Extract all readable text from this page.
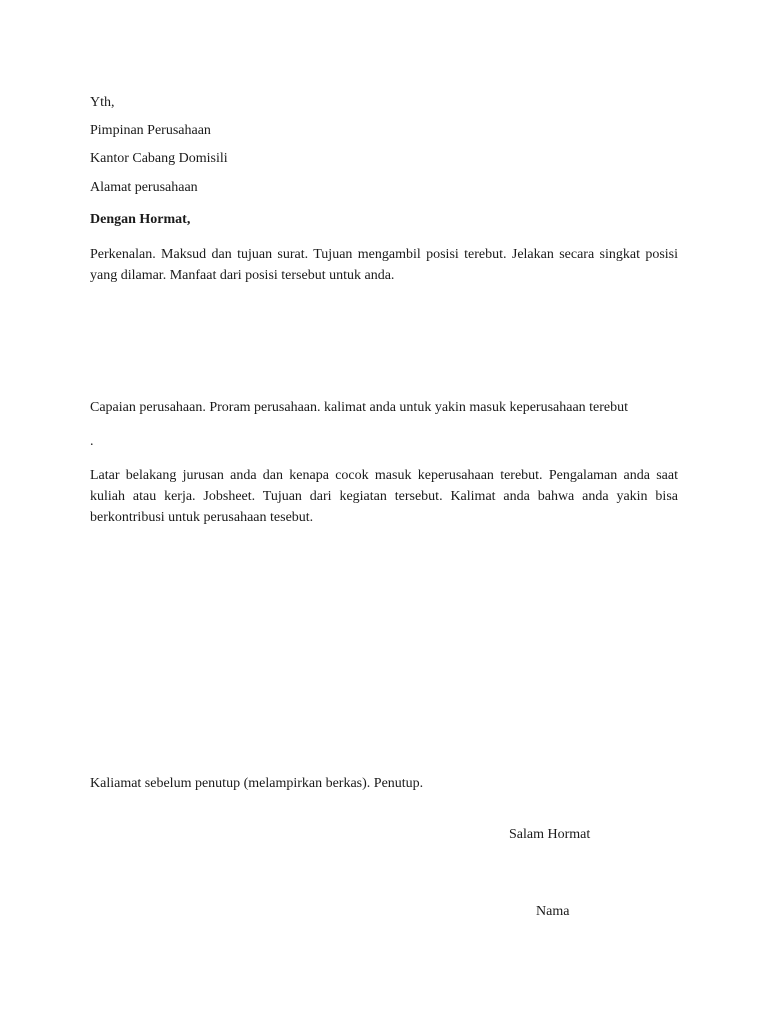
Yth,
Pimpinan Perusahaan
Kantor Cabang Domisili
Alamat perusahaan
Dengan Hormat,
Perkenalan. Maksud dan tujuan surat. Tujuan mengambil posisi terebut. Jelakan secara singkat posisi yang dilamar. Manfaat dari posisi tersebut untuk anda.
Capaian perusahaan. Proram perusahaan. kalimat anda untuk yakin masuk keperusahaan terebut
.
Latar belakang jurusan anda dan kenapa cocok masuk keperusahaan terebut. Pengalaman anda saat kuliah atau kerja. Jobsheet. Tujuan dari kegiatan tersebut. Kalimat anda bahwa anda yakin bisa berkontribusi untuk perusahaan tesebut.
Kaliamat sebelum penutup (melampirkan berkas). Penutup.
Salam Hormat
Nama
